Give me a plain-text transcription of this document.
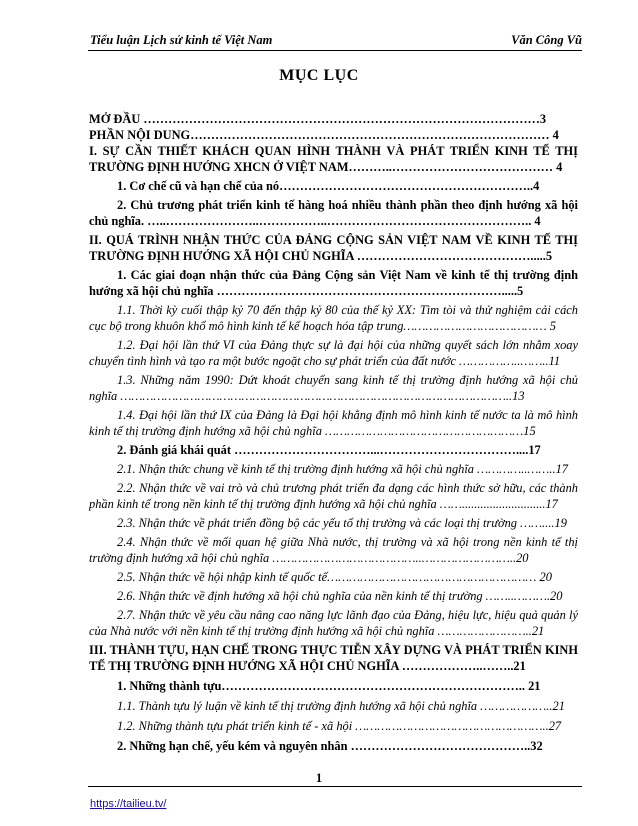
Tiểu luận Lịch sử kinh tế Việt Nam	Văn Công Vũ
MỤC LỤC

MỞ ĐẦU ……………………………………………………………………………………3

PHẦN NỘI DUNG…………………………………………………………………………… 4

I. SỰ CẦN THIẾT KHÁCH QUAN HÌNH THÀNH VÀ PHÁT TRIỂN KINH TẾ THỊ TRƯỜNG ĐỊNH HƯỚNG XHCN Ở VIỆT NAM………..………………………………… 4

1. Cơ chế cũ và hạn chế của nó……………………………………………………..4

2. Chủ trương phát triển kinh tế hàng hoá nhiều thành phần theo định hướng xã hội chủ nghĩa. …..…………………..……………..………………………………………….. 4

II. QUÁ TRÌNH NHẬN THỨC CỦA ĐẢNG CỘNG SẢN VIỆT NAM VỀ KINH TẾ THỊ TRƯỜNG ĐỊNH HƯỚNG XÃ HỘI CHỦ NGHĨA …………………………………….....5

1. Các giai đoạn nhận thức của Đảng Cộng sản Việt Nam về kinh tế thị trường định hướng xã hội chủ nghĩa …………………………………………………………….....5

1.1. Thời kỳ cuối thập kỷ 70 đến thập kỷ 80 của thế kỷ XX: Tìm tòi và thử nghiệm cải cách cục bộ trong khuôn khổ mô hình kinh tế kế hoạch hóa tập trung………………………………… 5

1.2. Đại hội lần thứ VI của Đảng thực sự là đại hội của những quyết sách lớn nhằm xoay chuyển tình hình và tạo ra một bước ngoặt cho sự phát triển của đất nước ……………..……..11

1.3. Những năm 1990: Dứt khoát chuyển sang kinh tế thị trường định hướng xã hội chủ nghĩa ……………………………………………………………………………………………..13

1.4. Đại hội lần thứ IX của Đảng là Đại hội khẳng định mô hình kinh tế nước ta là mô hình kinh tế thị trường định hướng xã hội chủ nghĩa ………………………………………………15

2. Đánh giá khái quát ……………………………...……………………………....17

2.1. Nhận thức chung về kinh tế thị trường định hướng xã hội chủ nghĩa …………..……..17

2.2. Nhận thức về vai trò và chủ trương phát triển đa dạng các hình thức sở hữu, các thành phần kinh tế trong nền kinh tế thị trường định hướng xã hội chủ nghĩa ……...........................17

2.3. Nhận thức về phát triển đồng bộ các yếu tố thị trường và các loại thị trường ……....19

2.4. Nhận thức về mối quan hệ giữa Nhà nước, thị trường và xã hội trong nền kinh tế thị trường định hướng xã hội chủ nghĩa …………………………………..……………………..20

2.5. Nhận thức về hội nhập kinh tế quốc tế………………………………………………… 20

2.6. Nhận thức về định hướng xã hội chủ nghĩa của nền kinh tế thị trường ……..……….20

2.7. Nhận thức về yêu cầu nâng cao năng lực lãnh đạo của Đảng, hiệu lực, hiệu quả quản lý của Nhà nước với nền kinh tế thị trường định hướng xã hội chủ nghĩa ……………………..21

III. THÀNH TỰU, HẠN CHẾ TRONG THỰC TIỄN XÂY DỰNG VÀ PHÁT TRIỂN KINH TẾ THỊ TRƯỜNG ĐỊNH HƯỚNG XÃ HỘI CHỦ NGHĨA ………………..……..21

1. Những thành tựu……………………………………………………………….. 21

1.1. Thành tựu lý luận về kinh tế thị trường định hướng xã hội chủ nghĩa ………………..21

1.2. Những thành tựu phát triển kinh tế - xã hội ……………………………………………..27

2. Những hạn chế, yếu kém và nguyên nhân ……………………………………..32

1
https://tailieu.tv/
